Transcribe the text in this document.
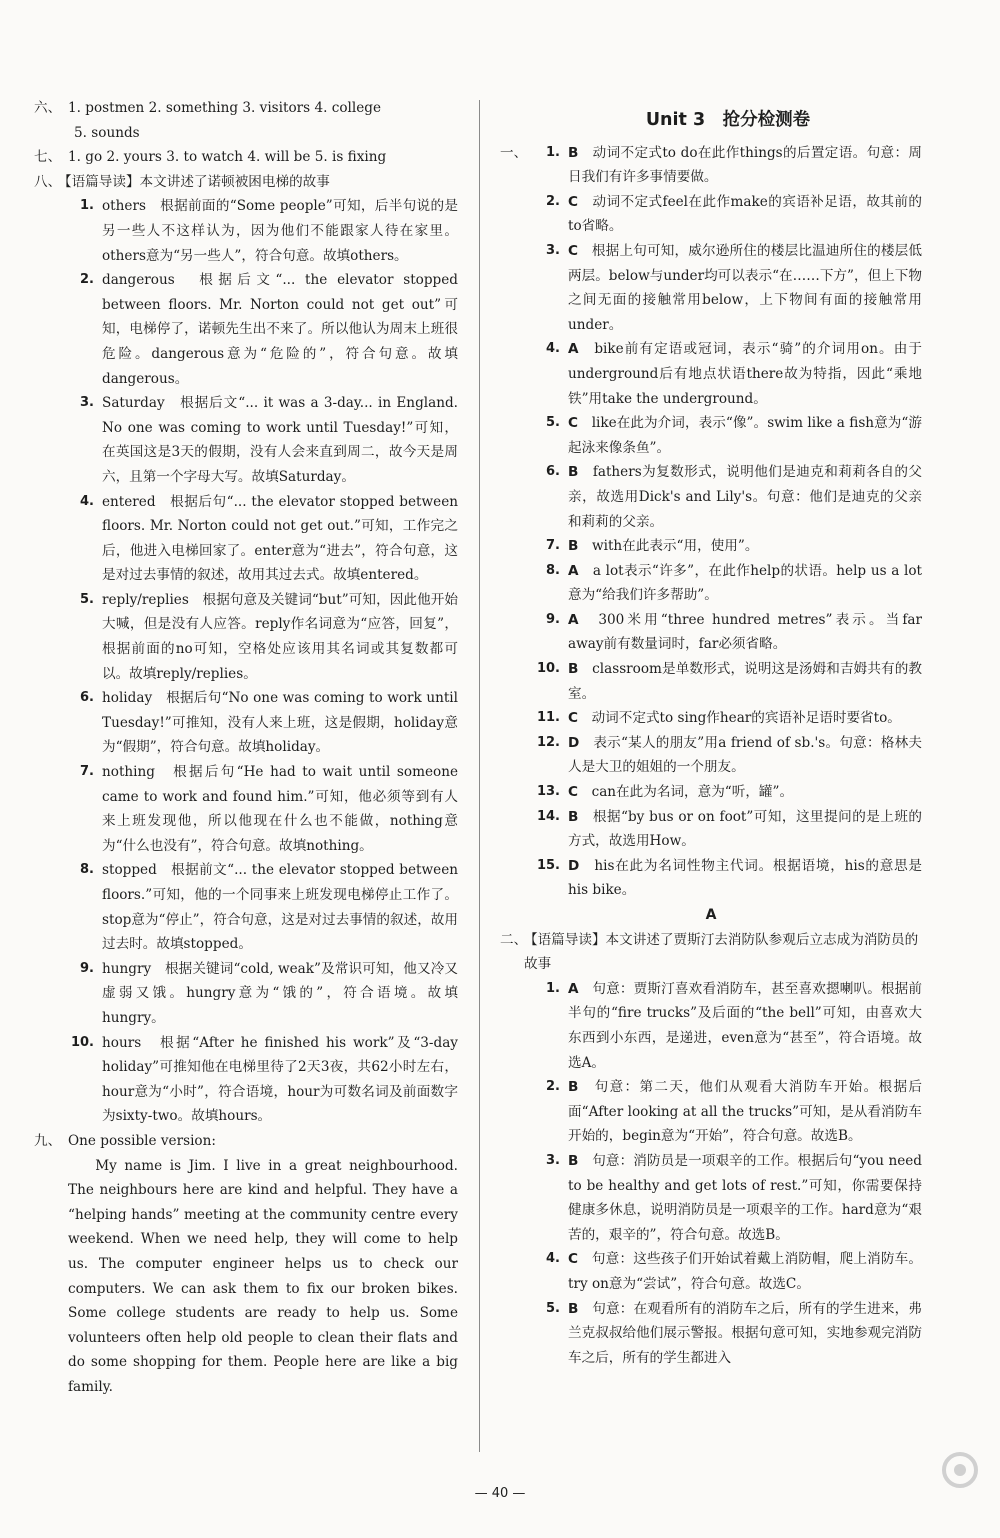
六、 1. postmen 2. something 3. visitors 4. college
5. sounds
七、 1. go 2. yours 3. to watch 4. will be 5. is fixing
八、
【语篇导读】本文讲述了诺顿被困电梯的故事
1. others　根据前面的“Some people”可知，后半句说的是另一些人不这样认为，因为他们不能跟家人待在家里。others意为“另一些人”，符合句意。故填others。
2. dangerous　根据后文“... the elevator stopped between floors. Mr. Norton could not get out”可知，电梯停了，诺顿先生出不来了。所以他认为周末上班很危险。dangerous意为“危险的”，符合句意。故填dangerous。
3. Saturday　根据后文“... it was a 3-day... in England. No one was coming to work until Tuesday!”可知，在英国这是3天的假期，没有人会来直到周二，故今天是周六，且第一个字母大写。故填Saturday。
4. entered　根据后句“... the elevator stopped between floors. Mr. Norton could not get out.”可知，工作完之后，他进入电梯回家了。enter意为“进去”，符合句意，这是对过去事情的叙述，故用其过去式。故填entered。
5. reply/replies　根据句意及关键词“but”可知，因此他开始大喊，但是没有人应答。reply作名词意为“应答，回复”，根据前面的no可知，空格处应该用其名词或其复数都可以。故填reply/replies。
6. holiday　根据后句“No one was coming to work until Tuesday!”可推知，没有人来上班，这是假期，holiday意为“假期”，符合句意。故填holiday。
7. nothing　根据后句“He had to wait until someone came to work and found him.”可知，他必须等到有人来上班发现他，所以他现在什么也不能做，nothing意为“什么也没有”，符合句意。故填nothing。
8. stopped　根据前文“... the elevator stopped between floors.”可知，他的一个同事来上班发现电梯停止工作了。stop意为“停止”，符合句意，这是对过去事情的叙述，故用过去时。故填stopped。
9. hungry　根据关键词“cold, weak”及常识可知，他又冷又虚弱又饿。hungry意为“饿的”，符合语境。故填hungry。
10. hours　根据“After he finished his work”及“3-day holiday”可推知他在电梯里待了2天3夜，共62小时左右，hour意为“小时”，符合语境，hour为可数名词及前面数字为sixty-two。故填hours。
九、 One possible version:
My name is Jim. I live in a great neighbourhood. The neighbours here are kind and helpful. They have a “helping hands” meeting at the community centre every weekend. When we need help, they will come to help us. The computer engineer helps us to check our computers. We can ask them to fix our broken bikes. Some college students are ready to help us. Some volunteers often help old people to clean their flats and do some shopping for them. People here are like a big family.
Unit 3　抢分检测卷
一、	1. B　 动词不定式to do在此作things的后置定语。句意：周日我们有许多事情要做。
2. C　 动词不定式feel在此作make的宾语补足语，故其前的to省略。
3. C　 根据上句可知，威尔逊所住的楼层比温迪所住的楼层低两层。below与under均可以表示“在……下方”，但上下物之间无面的接触常用below，上下物间有面的接触常用under。
4. A　 bike前有定语或冠词，表示“骑”的介词用on。由于underground后有地点状语there故为特指，因此“乘地铁”用take the underground。
5. C　 like在此为介词，表示“像”。swim like a fish意为“游起泳来像条鱼”。
6. B　 fathers为复数形式，说明他们是迪克和莉莉各自的父亲，故选用Dick's and Lily's。句意：他们是迪克的父亲和莉莉的父亲。
7. B　 with在此表示“用，使用”。
8. A　 a lot表示“许多”，在此作help的状语。help us a lot意为“给我们许多帮助”。
9. A　 300米用“three hundred metres”表示。当far away前有数量词时，far必须省略。
10. B　 classroom是单数形式，说明这是汤姆和吉姆共有的教室。
11. C　 动词不定式to sing作hear的宾语补足语时要省to。
12. D　 表示“某人的朋友”用a friend of sb.'s。句意：格林夫人是大卫的姐姐的一个朋友。
13. C　 can在此为名词，意为“听，罐”。
14. B　 根据“by bus or on foot”可知，这里提问的是上班的方式，故选用How。
15. D　 his在此为名词性物主代词。根据语境，his的意思是his bike。
A
二、
【语篇导读】本文讲述了贾斯汀去消防队参观后立志成为消防员的故事
1. A　 句意：贾斯汀喜欢看消防车，甚至喜欢摁喇叭。根据前半句的“fire trucks”及后面的“the bell”可知，由喜欢大东西到小东西，是递进，even意为“甚至”，符合语境。故选A。
2. B　 句意：第二天，他们从观看大消防车开始。根据后面“After looking at all the trucks”可知，是从看消防车开始的，begin意为“开始”，符合句意。故选B。
3. B　 句意：消防员是一项艰辛的工作。根据后句“you need to be healthy and get lots of rest.”可知，你需要保持健康多休息，说明消防员是一项艰辛的工作。hard意为“艰苦的，艰辛的”，符合句意。故选B。
4. C　 句意：这些孩子们开始试着戴上消防帽，爬上消防车。try on意为“尝试”，符合句意。故选C。
5. B　 句意：在观看所有的消防车之后，所有的学生进来，弗兰克叔叔给他们展示警报。根据句意可知，实地参观完消防车之后，所有的学生都进入
— 40 —
